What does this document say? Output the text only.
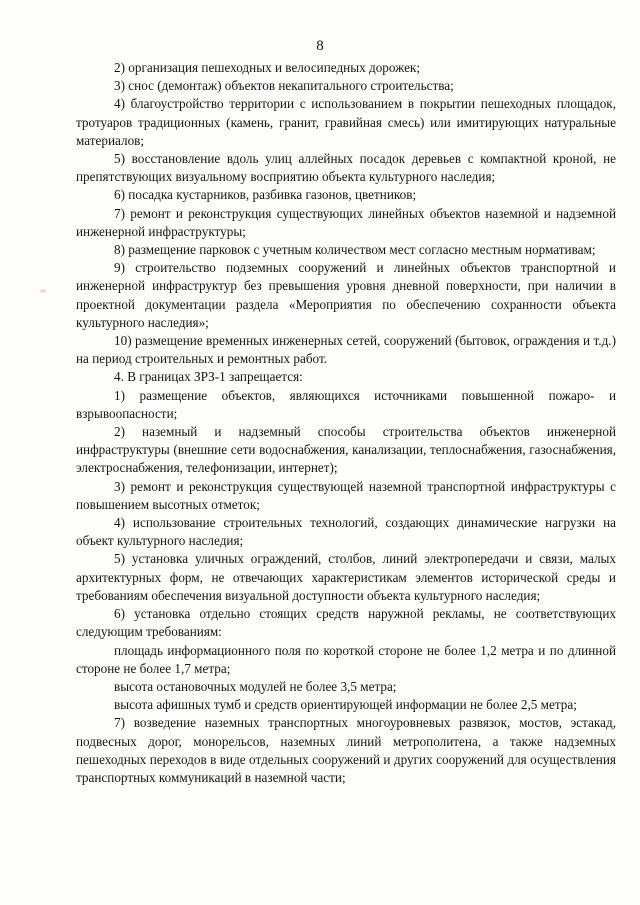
8

2) организация пешеходных и велосипедных дорожек;

3) снос (демонтаж) объектов некапитального строительства;

4) благоустройство территории с использованием в покрытии пешеходных площадок, тротуаров традиционных (камень, гранит, гравийная смесь) или имитирующих натуральные материалов;

5) восстановление вдоль улиц аллейных посадок деревьев с компактной кроной, не препятствующих визуальному восприятию объекта культурного наследия;

6) посадка кустарников, разбивка газонов, цветников;

7) ремонт и реконструкция существующих линейных объектов наземной и надземной инженерной инфраструктуры;

8) размещение парковок с учетным количеством мест согласно местным нормативам;

9) строительство подземных сооружений и линейных объектов транспортной и инженерной инфраструктур без превышения уровня дневной поверхности, при наличии в проектной документации раздела «Мероприятия по обеспечению сохранности объекта культурного наследия»;

10) размещение временных инженерных сетей, сооружений (бытовок, ограждения и т.д.) на период строительных и ремонтных работ.

4. В границах ЗРЗ-1 запрещается:

1) размещение объектов, являющихся источниками повышенной пожаро- и взрывоопасности;

2) наземный и надземный способы строительства объектов инженерной инфраструктуры (внешние сети водоснабжения, канализации, теплоснабжения, газоснабжения, электроснабжения, телефонизации, интернет);

3) ремонт и реконструкция существующей наземной транспортной инфраструктуры с повышением высотных отметок;

4) использование строительных технологий, создающих динамические нагрузки на объект культурного наследия;

5) установка уличных ограждений, столбов, линий электропередачи и связи, малых архитектурных форм, не отвечающих характеристикам элементов исторической среды и требованиям обеспечения визуальной доступности объекта культурного наследия;

6) установка отдельно стоящих средств наружной рекламы, не соответствующих следующим требованиям:

площадь информационного поля по короткой стороне не более 1,2 метра и по длинной стороне не более 1,7 метра;

высота остановочных модулей не более 3,5 метра;

высота афишных тумб и средств ориентирующей информации не более 2,5 метра;

7) возведение наземных транспортных многоуровневых развязок, мостов, эстакад, подвесных дорог, монорельсов, наземных линий метрополитена, а также надземных пешеходных переходов в виде отдельных сооружений и других сооружений для осуществления транспортных коммуникаций в наземной части;
